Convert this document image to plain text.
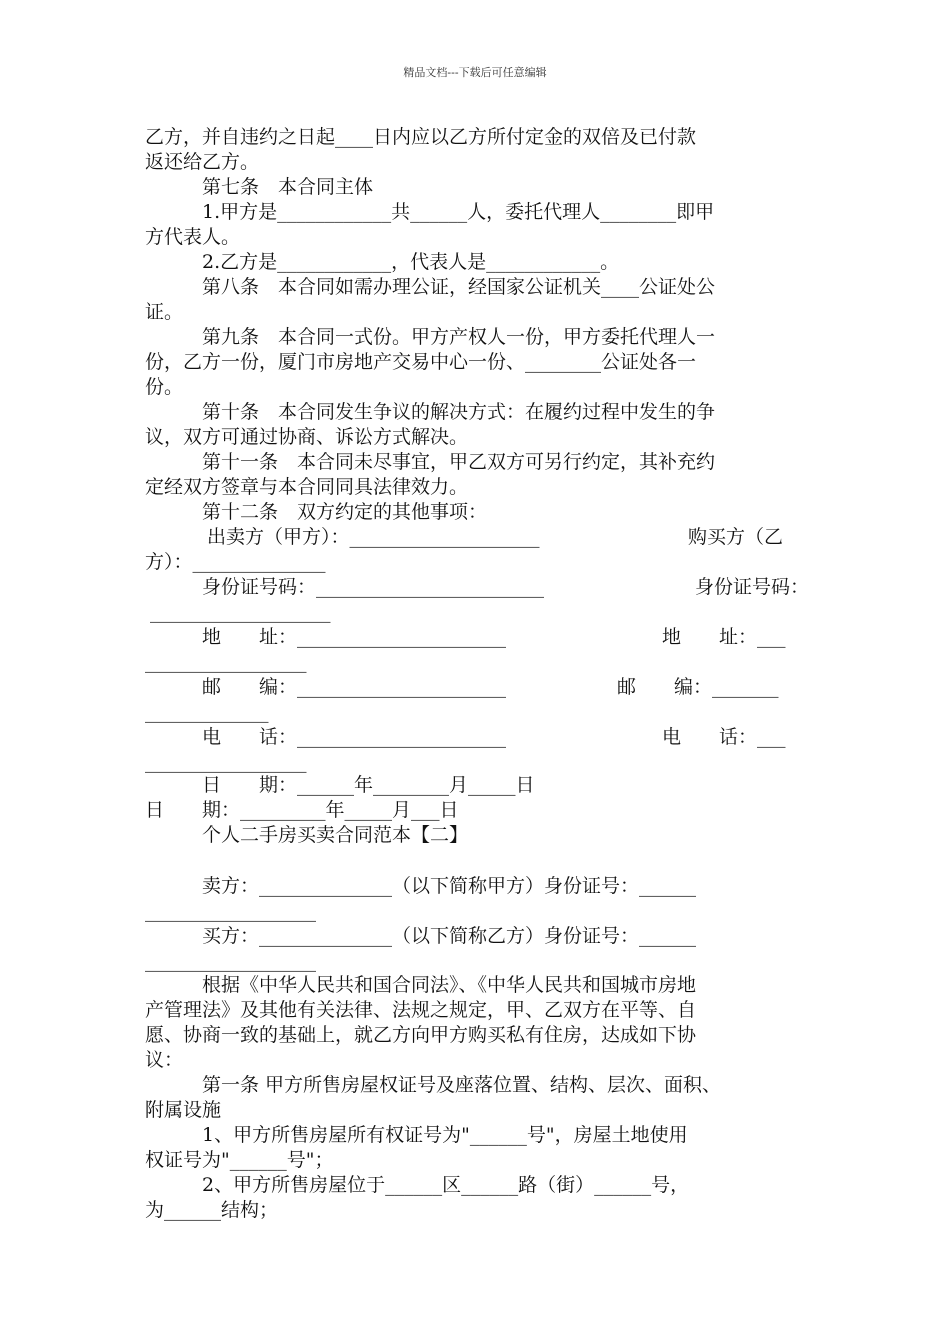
精品文档---下载后可任意编辑
乙方，并自违约之日起____日内应以乙方所付定金的双倍及已付款
返还给乙方。
第七条　本合同主体
1.甲方是____________共______人，委托代理人________即甲
方代表人。
2.乙方是____________，代表人是____________。
第八条　本合同如需办理公证，经国家公证机关____公证处公
证。
第九条　本合同一式份。甲方产权人一份，甲方委托代理人一
份，乙方一份，厦门市房地产交易中心一份、________公证处各一
份。
第十条　本合同发生争议的解决方式：在履约过程中发生的争
议，双方可通过协商、诉讼方式解决。
第十一条　本合同未尽事宜，甲乙双方可另行约定，其补充约
定经双方签章与本合同同具法律效力。
第十二条　双方约定的其他事项：
出卖方（甲方）：____________________	购买方（乙
方）：______________
身份证号码：________________________	身份证号码：
___________________
地　　址：______________________	地　　址：___
_________________
邮　　编：______________________	邮　　编：_______
_____________
电　　话：______________________	电　　话：___
_________________
日　　期：______年________月_____日
日　　期：_________年_____月___日
个人二手房买卖合同范本【二】
卖方：______________（以下简称甲方）身份证号：______
__________________
买方：______________（以下简称乙方）身份证号：______
__________________
根据《中华人民共和国合同法》、《中华人民共和国城市房地
产管理法》及其他有关法律、法规之规定，甲、乙双方在平等、自
愿、协商一致的基础上，就乙方向甲方购买私有住房，达成如下协
议：
第一条 甲方所售房屋权证号及座落位置、结构、层次、面积、
附属设施
1、甲方所售房屋所有权证号为"______号"，房屋土地使用
权证号为"______号"；
2、甲方所售房屋位于______区______路（街）______号，
为______结构；
